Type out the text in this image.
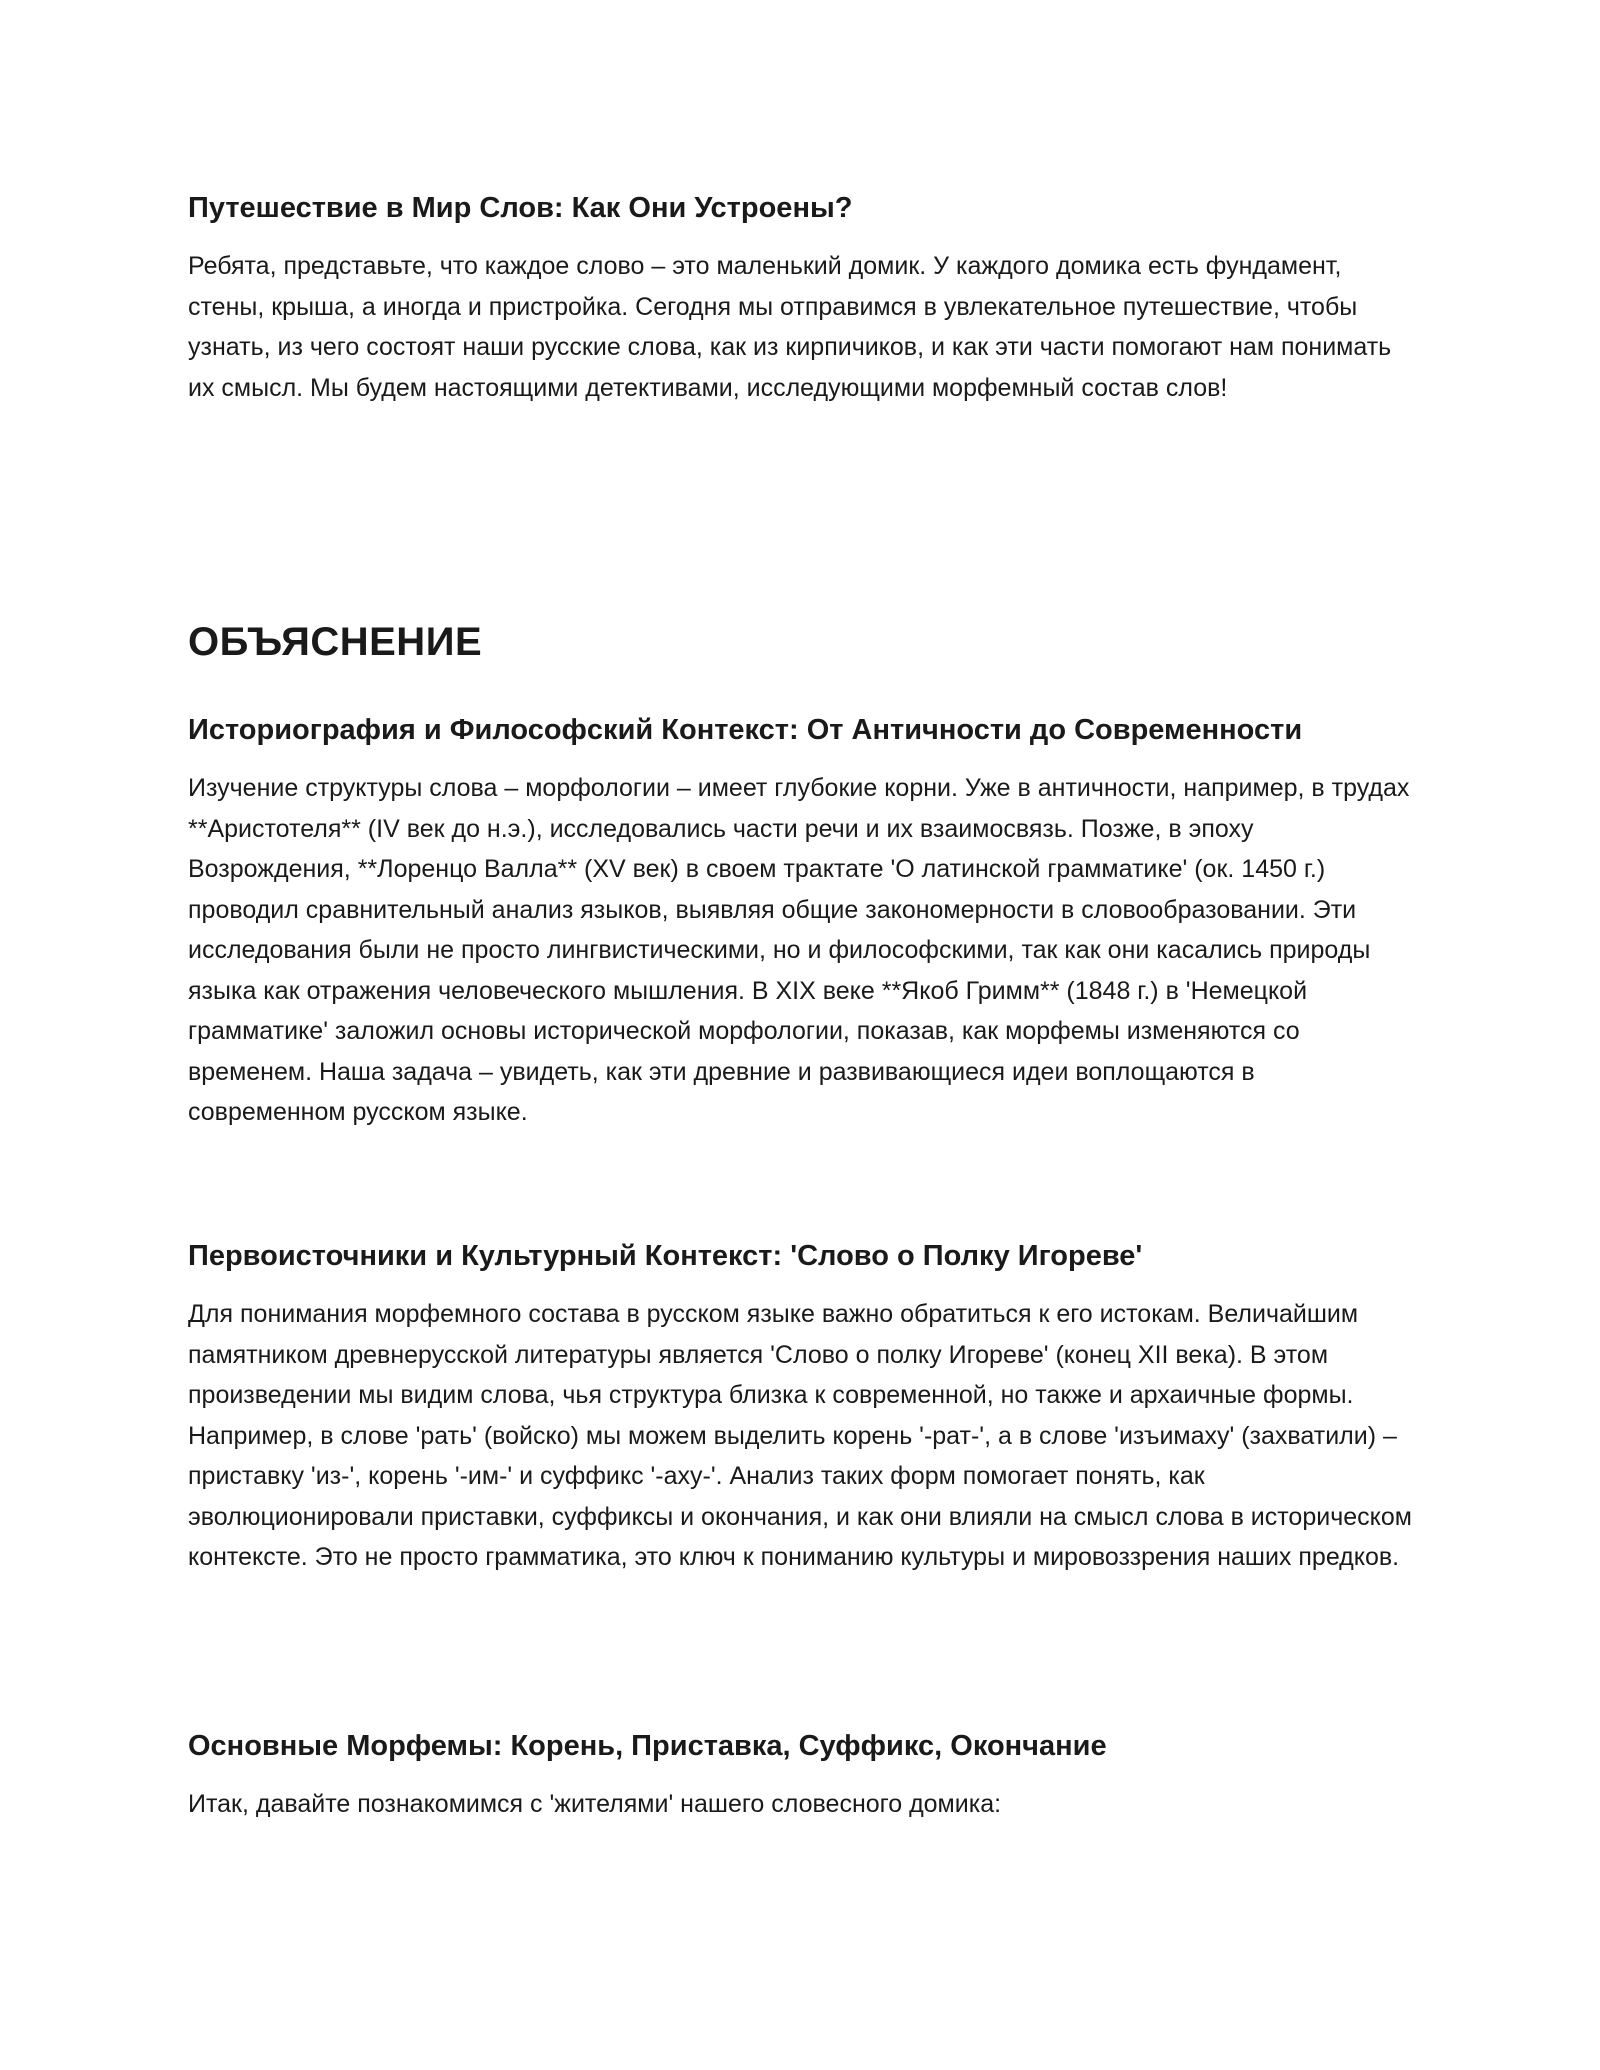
Путешествие в Мир Слов: Как Они Устроены?

Ребята, представьте, что каждое слово – это маленький домик. У каждого домика есть фундамент, стены, крыша, а иногда и пристройка. Сегодня мы отправимся в увлекательное путешествие, чтобы узнать, из чего состоят наши русские слова, как из кирпичиков, и как эти части помогают нам понимать их смысл. Мы будем настоящими детективами, исследующими морфемный состав слов!

ОБЪЯСНЕНИЕ
Историография и Философский Контекст: От Античности до Современности

Изучение структуры слова – морфологии – имеет глубокие корни. Уже в античности, например, в трудах **Аристотеля** (IV век до н.э.), исследовались части речи и их взаимосвязь. Позже, в эпоху Возрождения, **Лоренцо Валла** (XV век) в своем трактате 'О латинской грамматике' (ок. 1450 г.) проводил сравнительный анализ языков, выявляя общие закономерности в словообразовании. Эти исследования были не просто лингвистическими, но и философскими, так как они касались природы языка как отражения человеческого мышления. В XIX веке **Якоб Гримм** (1848 г.) в 'Немецкой грамматике' заложил основы исторической морфологии, показав, как морфемы изменяются со временем. Наша задача – увидеть, как эти древние и развивающиеся идеи воплощаются в современном русском языке.

Первоисточники и Культурный Контекст: 'Слово о Полку Игореве'

Для понимания морфемного состава в русском языке важно обратиться к его истокам. Величайшим памятником древнерусской литературы является 'Слово о полку Игореве' (конец XII века). В этом произведении мы видим слова, чья структура близка к современной, но также и архаичные формы. Например, в слове 'рать' (войско) мы можем выделить корень '-рат-', а в слове 'изъимаху' (захватили) – приставку 'из-', корень '-им-' и суффикс '-аху-'. Анализ таких форм помогает понять, как эволюционировали приставки, суффиксы и окончания, и как они влияли на смысл слова в историческом контексте. Это не просто грамматика, это ключ к пониманию культуры и мировоззрения наших предков.

Основные Морфемы: Корень, Приставка, Суффикс, Окончание

Итак, давайте познакомимся с 'жителями' нашего словесного домика:
